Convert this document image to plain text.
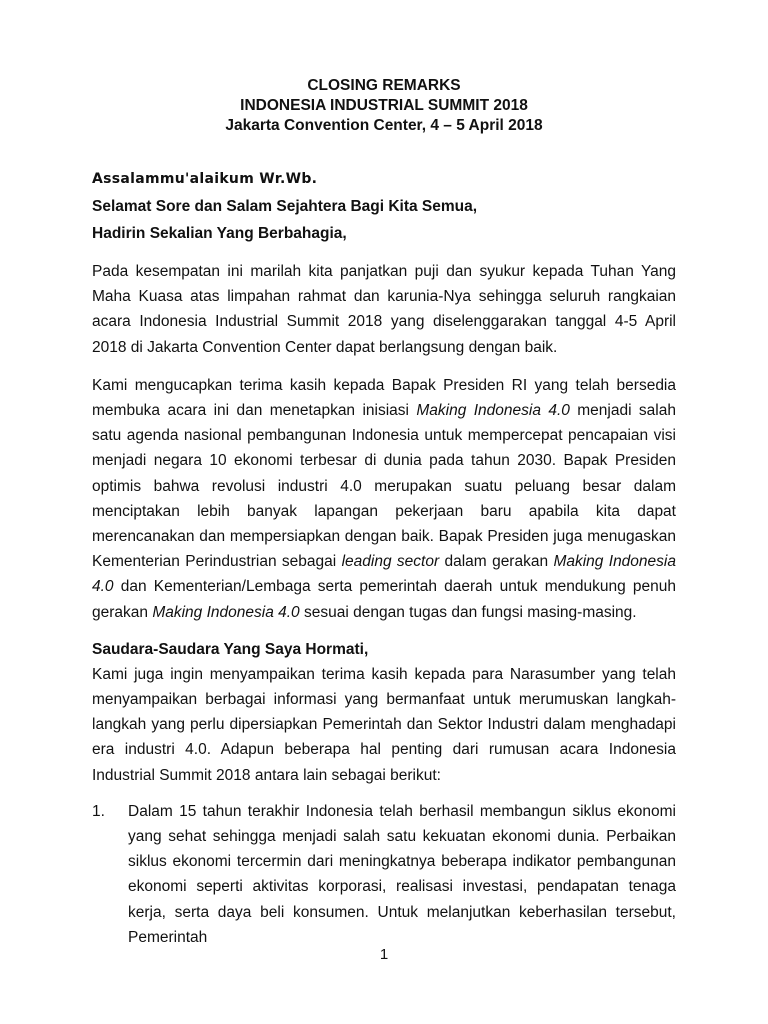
CLOSING REMARKS
INDONESIA INDUSTRIAL SUMMIT 2018
Jakarta Convention Center, 4 – 5 April 2018
Assalammu'alaikum Wr.Wb.
Selamat Sore dan Salam Sejahtera Bagi Kita Semua,
Hadirin Sekalian Yang Berbahagia,

Pada kesempatan ini marilah kita panjatkan puji dan syukur kepada Tuhan Yang Maha Kuasa atas limpahan rahmat dan karunia-Nya sehingga seluruh rangkaian acara Indonesia Industrial Summit 2018 yang diselenggarakan tanggal 4-5 April 2018 di Jakarta Convention Center dapat berlangsung dengan baik.

Kami mengucapkan terima kasih kepada Bapak Presiden RI yang telah bersedia membuka acara ini dan menetapkan inisiasi Making Indonesia 4.0 menjadi salah satu agenda nasional pembangunan Indonesia untuk mempercepat pencapaian visi menjadi negara 10 ekonomi terbesar di dunia pada tahun 2030. Bapak Presiden optimis bahwa revolusi industri 4.0 merupakan suatu peluang besar dalam menciptakan lebih banyak lapangan pekerjaan baru apabila kita dapat merencanakan dan mempersiapkan dengan baik. Bapak Presiden juga menugaskan Kementerian Perindustrian sebagai leading sector dalam gerakan Making Indonesia 4.0 dan Kementerian/Lembaga serta pemerintah daerah untuk mendukung penuh gerakan Making Indonesia 4.0 sesuai dengan tugas dan fungsi masing-masing.

Saudara-Saudara Yang Saya Hormati,

Kami juga ingin menyampaikan terima kasih kepada para Narasumber yang telah menyampaikan berbagai informasi yang bermanfaat untuk merumuskan langkah-langkah yang perlu dipersiapkan Pemerintah dan Sektor Industri dalam menghadapi era industri 4.0. Adapun beberapa hal penting dari rumusan acara Indonesia Industrial Summit 2018 antara lain sebagai berikut:

1.	Dalam 15 tahun terakhir Indonesia telah berhasil membangun siklus ekonomi yang sehat sehingga menjadi salah satu kekuatan ekonomi dunia. Perbaikan siklus ekonomi tercermin dari meningkatnya beberapa indikator pembangunan ekonomi seperti aktivitas korporasi, realisasi investasi, pendapatan tenaga kerja, serta daya beli konsumen. Untuk melanjutkan keberhasilan tersebut, Pemerintah
1
